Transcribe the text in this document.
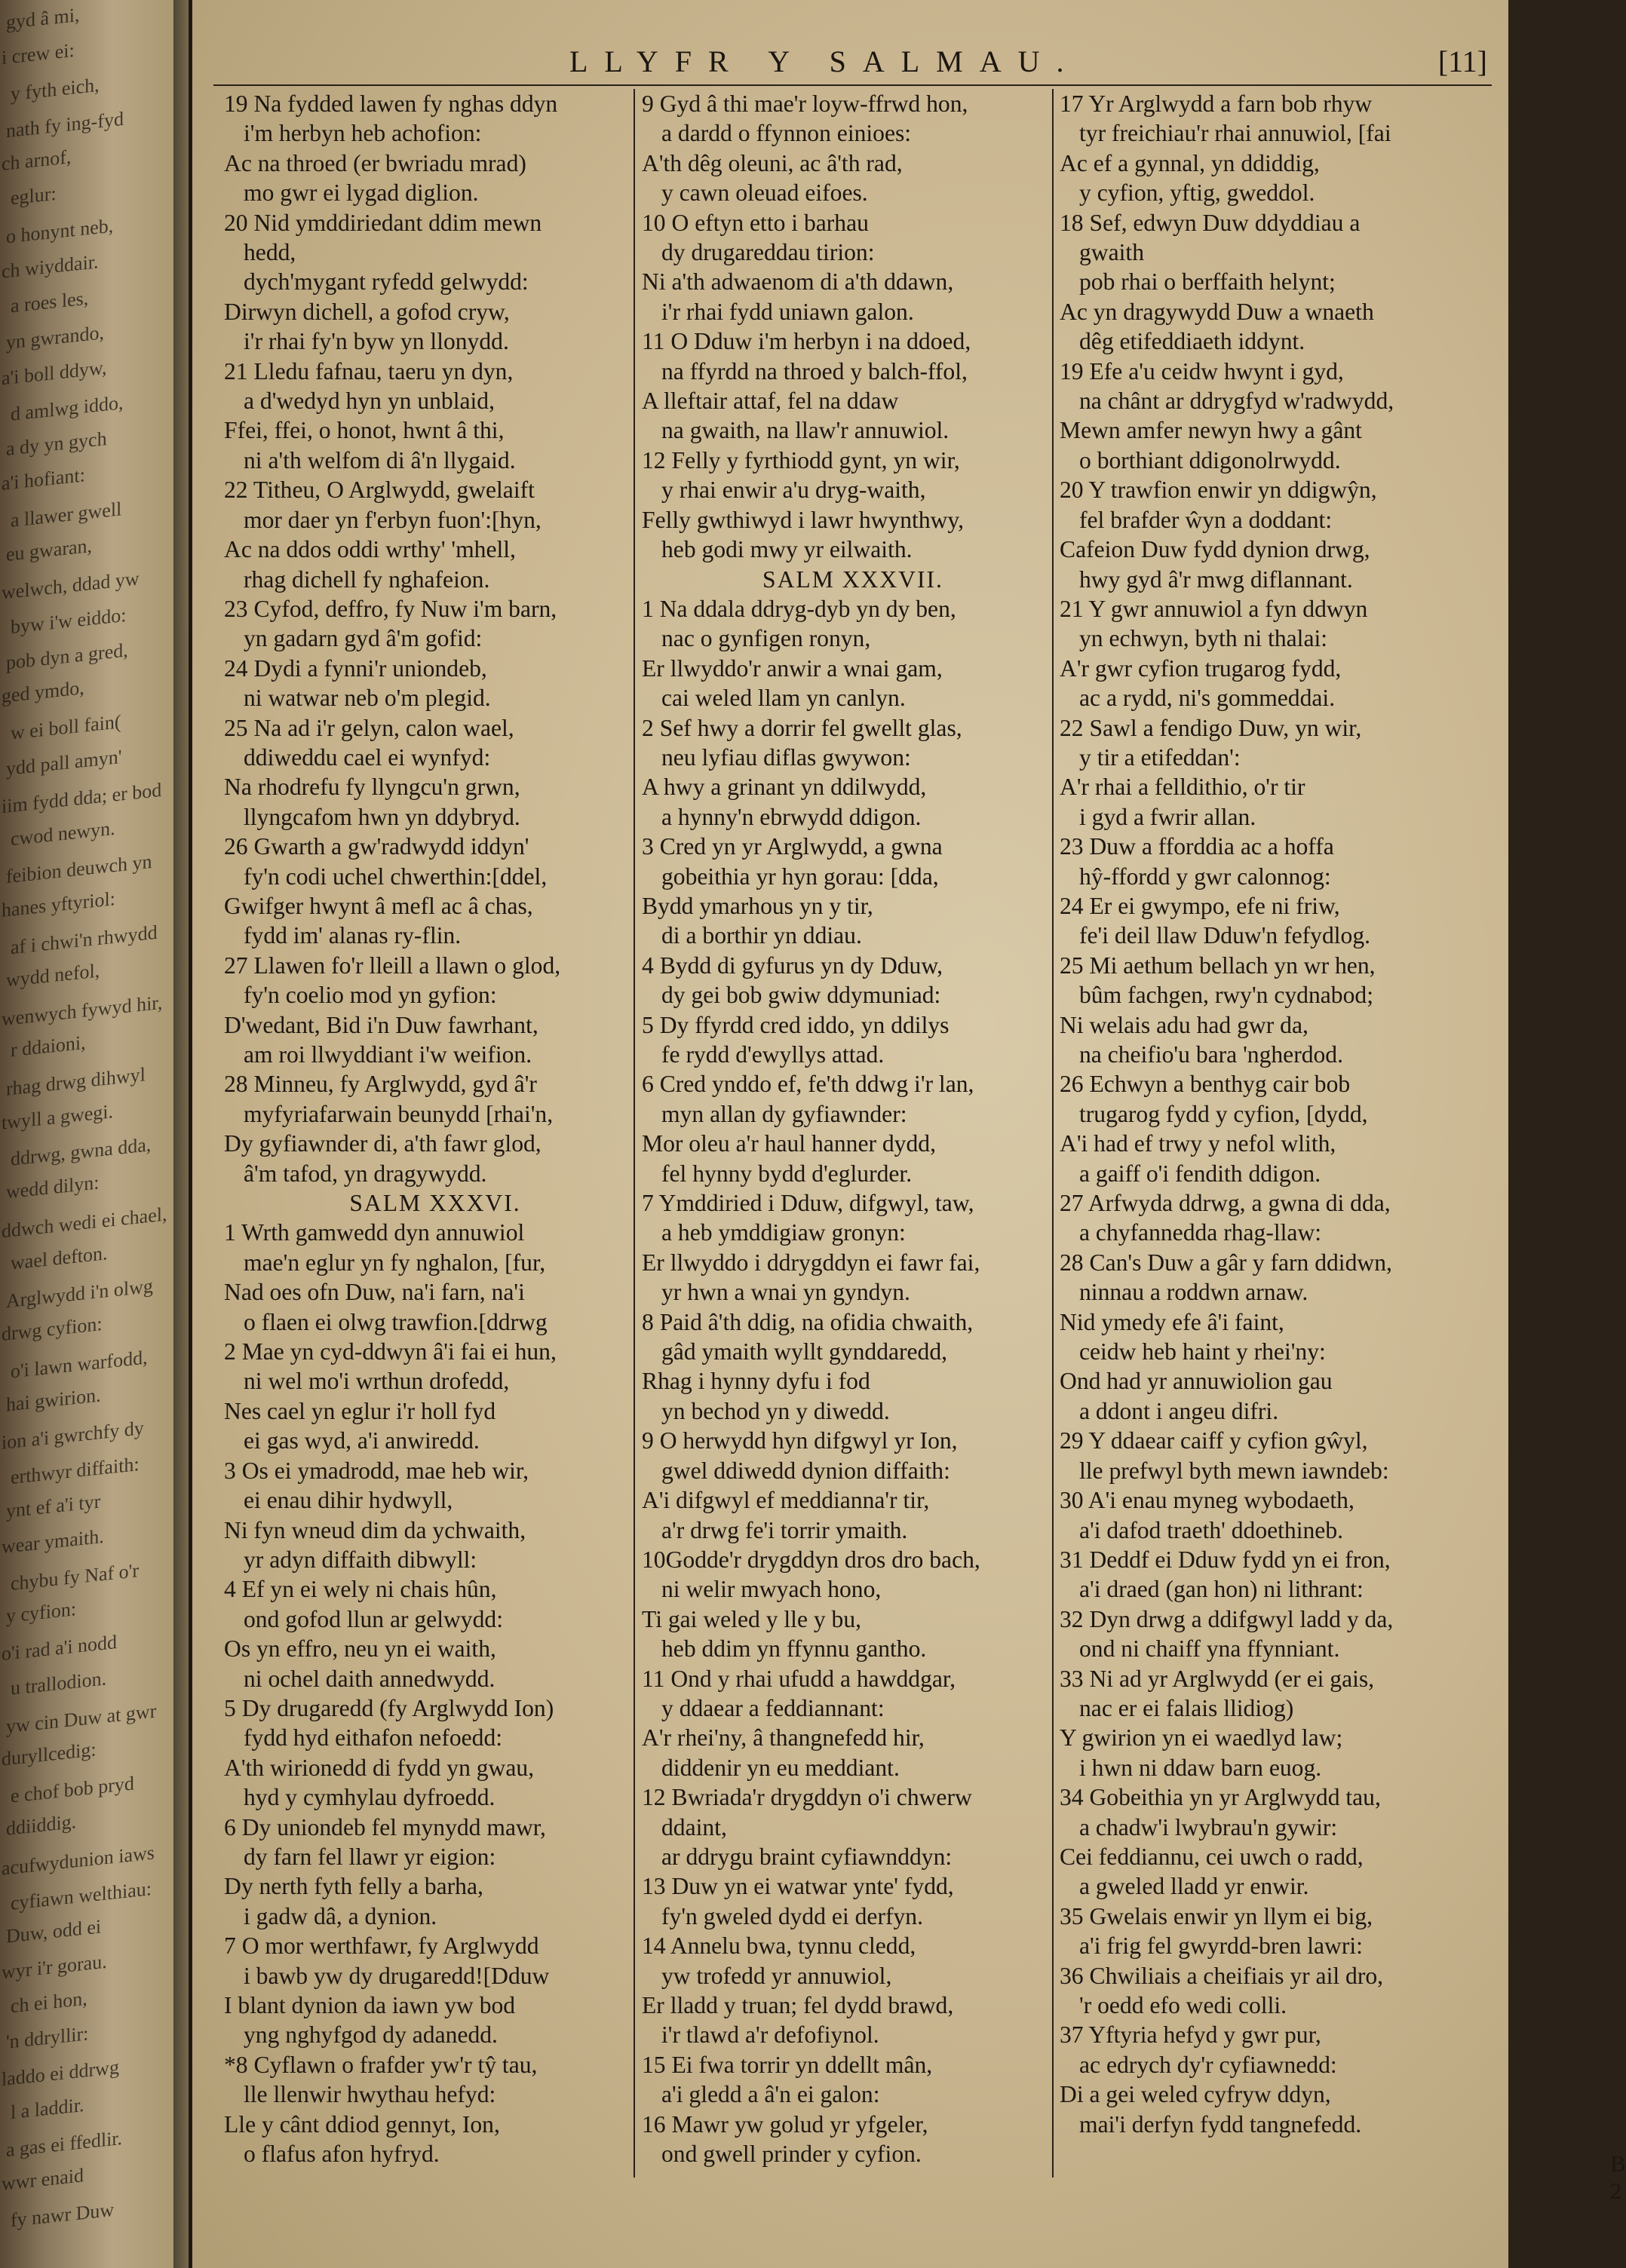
gyd â mi,
i crew ei:
y fyth eich,
nath fy ing-fyd
ch arnof,
eglur:
o honynt neb,
ch wiyddair.
a roes les,
yn gwrando,
a'i boll ddyw,
d amlwg iddo,
a dy yn gych
a'i hofiant:
a llawer gwell
eu gwaran,
welwch, ddad yw
byw i'w eiddo:
pob dyn a gred,
ged ymdo,
w ei boll fain(
ydd pall amyn'
iim fydd dda; er bod
cwod newyn.
feibion deuwch yn
hanes yftyriol:
af i chwi'n rhwydd
wydd nefol,
wenwych fywyd hir,
r ddaioni,
rhag drwg dihwyl
twyll a gwegi.
ddrwg, gwna dda,
wedd dilyn:
ddwch wedi ei chael,
wael defton.
Arglwydd i'n olwg
drwg cyfion:
o'i lawn warfodd,
hai gwirion.
ion a'i gwrchfy dy
erthwyr diffaith:
ynt ef a'i tyr
wear ymaith.
chybu fy Naf o'r
y cyfion:
o'i rad a'i nodd
u trallodion.
yw cin Duw at gwr
duryllcedig:
e chof bob pryd
ddiiddig.
acufwydunion iaws
cyfiawn welthiau:
Duw, odd ei
wyr i'r gorau.
ch ei hon,
'n ddryllir:
laddo ei ddrwg
l a laddir.
a gas ei ffedlir.
wwr enaid
fy nawr Duw
LLYFR Y SALMAU.	[11]
19 Na fydded lawen fy nghas ddyn
i'm herbyn heb achofion:
Ac na throed (er bwriadu mrad)
mo gwr ei lygad diglion.
20 Nid ymddiriedant ddim mewn
hedd,
dych'mygant ryfedd gelwydd:
Dirwyn dichell, a gofod cryw,
i'r rhai fy'n byw yn llonydd.
21 Lledu fafnau, taeru yn dyn,
a d'wedyd hyn yn unblaid,
Ffei, ffei, o honot, hwnt â thi,
ni a'th welfom di â'n llygaid.
22 Titheu, O Arglwydd, gwelaift
mor daer yn f'erbyn fuon':[hyn,
Ac na ddos oddi wrthy' 'mhell,
rhag dichell fy nghafeion.
23 Cyfod, deffro, fy Nuw i'm barn,
yn gadarn gyd â'm gofid:
24 Dydi a fynni'r uniondeb,
ni watwar neb o'm plegid.
25 Na ad i'r gelyn, calon wael,
ddiweddu cael ei wynfyd:
Na rhodrefu fy llyngcu'n grwn,
llyngcafom hwn yn ddybryd.
26 Gwarth a gw'radwydd iddyn'
fy'n codi uchel chwerthin:[ddel,
Gwifger hwynt â mefl ac â chas,
fydd im' alanas ry-flin.
27 Llawen fo'r lleill a llawn o glod,
fy'n coelio mod yn gyfion:
D'wedant, Bid i'n Duw fawrhant,
am roi llwyddiant i'w weifion.
28 Minneu, fy Arglwydd, gyd â'r
myfyriafarwain beunydd [rhai'n,
Dy gyfiawnder di, a'th fawr glod,
â'm tafod, yn dragywydd.
SALM XXXVI.
1 Wrth gamwedd dyn annuwiol
mae'n eglur yn fy nghalon, [fur,
Nad oes ofn Duw, na'i farn, na'i
o flaen ei olwg trawfion.[ddrwg
2 Mae yn cyd-ddwyn â'i fai ei hun,
ni wel mo'i wrthun drofedd,
Nes cael yn eglur i'r holl fyd
ei gas wyd, a'i anwiredd.
3 Os ei ymadrodd, mae heb wir,
ei enau dihir hydwyll,
Ni fyn wneud dim da ychwaith,
yr adyn diffaith dibwyll:
4 Ef yn ei wely ni chais hûn,
ond gofod llun ar gelwydd:
Os yn effro, neu yn ei waith,
ni ochel daith annedwydd.
5 Dy drugaredd (fy Arglwydd Ion)
fydd hyd eithafon nefoedd:
A'th wirionedd di fydd yn gwau,
hyd y cymhylau dyfroedd.
6 Dy uniondeb fel mynydd mawr,
dy farn fel llawr yr eigion:
Dy nerth fyth felly a barha,
i gadw dâ, a dynion.
7 O mor werthfawr, fy Arglwydd
i bawb yw dy drugaredd![Dduw
I blant dynion da iawn yw bod
yng nghyfgod dy adanedd.
*8 Cyflawn o frafder yw'r tŷ tau,
lle llenwir hwythau hefyd:
Lle y cânt ddiod gennyt, Ion,
o flafus afon hyfryd.
9 Gyd â thi mae'r loyw-ffrwd hon,
a dardd o ffynnon einioes:
A'th dêg oleuni, ac â'th rad,
y cawn oleuad eifoes.
10 O eftyn etto i barhau
dy drugareddau tirion:
Ni a'th adwaenom di a'th ddawn,
i'r rhai fydd uniawn galon.
11 O Dduw i'm herbyn i na ddoed,
na ffyrdd na throed y balch-ffol,
A lleftair attaf, fel na ddaw
na gwaith, na llaw'r annuwiol.
12 Felly y fyrthiodd gynt, yn wir,
y rhai enwir a'u dryg-waith,
Felly gwthiwyd i lawr hwynthwy,
heb godi mwy yr eilwaith.
SALM XXXVII.
1 Na ddala ddryg-dyb yn dy ben,
nac o gynfigen ronyn,
Er llwyddo'r anwir a wnai gam,
cai weled llam yn canlyn.
2 Sef hwy a dorrir fel gwellt glas,
neu lyfiau diflas gwywon:
A hwy a grinant yn ddilwydd,
a hynny'n ebrwydd ddigon.
3 Cred yn yr Arglwydd, a gwna
gobeithia yr hyn gorau: [dda,
Bydd ymarhous yn y tir,
di a borthir yn ddiau.
4 Bydd di gyfurus yn dy Dduw,
dy gei bob gwiw ddymuniad:
5 Dy ffyrdd cred iddo, yn ddilys
fe rydd d'ewyllys attad.
6 Cred ynddo ef, fe'th ddwg i'r lan,
myn allan dy gyfiawnder:
Mor oleu a'r haul hanner dydd,
fel hynny bydd d'eglurder.
7 Ymddiried i Dduw, difgwyl, taw,
a heb ymddigiaw gronyn:
Er llwyddo i ddrygddyn ei fawr fai,
yr hwn a wnai yn gyndyn.
8 Paid â'th ddig, na ofidia chwaith,
gâd ymaith wyllt gynddaredd,
Rhag i hynny dyfu i fod
yn bechod yn y diwedd.
9 O herwydd hyn difgwyl yr Ion,
gwel ddiwedd dynion diffaith:
A'i difgwyl ef meddianna'r tir,
a'r drwg fe'i torrir ymaith.
10Godde'r drygddyn dros dro bach,
ni welir mwyach hono,
Ti gai weled y lle y bu,
heb ddim yn ffynnu gantho.
11 Ond y rhai ufudd a hawddgar,
y ddaear a feddiannant:
A'r rhei'ny, â thangnefedd hir,
diddenir yn eu meddiant.
12 Bwriada'r drygddyn o'i chwerw
ddaint,
ar ddrygu braint cyfiawnddyn:
13 Duw yn ei watwar ynte' fydd,
fy'n gweled dydd ei derfyn.
14 Annelu bwa, tynnu cledd,
yw trofedd yr annuwiol,
Er lladd y truan; fel dydd brawd,
i'r tlawd a'r defofiynol.
15 Ei fwa torrir yn ddellt mân,
a'i gledd a â'n ei galon:
16 Mawr yw golud yr yfgeler,
ond gwell prinder y cyfion.
17 Yr Arglwydd a farn bob rhyw
tyr freichiau'r rhai annuwiol, [fai
Ac ef a gynnal, yn ddiddig,
y cyfion, yftig, gweddol.
18 Sef, edwyn Duw ddyddiau a
gwaith
pob rhai o berffaith helynt;
Ac yn dragywydd Duw a wnaeth
dêg etifeddiaeth iddynt.
19 Efe a'u ceidw hwynt i gyd,
na chânt ar ddrygfyd w'radwydd,
Mewn amfer newyn hwy a gânt
o borthiant ddigonolrwydd.
20 Y trawfion enwir yn ddigwŷn,
fel brafder ŵyn a doddant:
Cafeion Duw fydd dynion drwg,
hwy gyd â'r mwg diflannant.
21 Y gwr annuwiol a fyn ddwyn
yn echwyn, byth ni thalai:
A'r gwr cyfion trugarog fydd,
ac a rydd, ni's gommeddai.
22 Sawl a fendigo Duw, yn wir,
y tir a etifeddan':
A'r rhai a felldithio, o'r tir
i gyd a fwrir allan.
23 Duw a fforddia ac a hoffa
hŷ-ffordd y gwr calonnog:
24 Er ei gwympo, efe ni friw,
fe'i deil llaw Dduw'n fefydlog.
25 Mi aethum bellach yn wr hen,
bûm fachgen, rwy'n cydnabod;
Ni welais adu had gwr da,
na cheifio'u bara 'ngherdod.
26 Echwyn a benthyg cair bob
trugarog fydd y cyfion, [dydd,
A'i had ef trwy y nefol wlith,
a gaiff o'i fendith ddigon.
27 Arfwyda ddrwg, a gwna di dda,
a chyfannedda rhag-llaw:
28 Can's Duw a gâr y farn ddidwn,
ninnau a roddwn arnaw.
Nid ymedy efe â'i faint,
ceidw heb haint y rhei'ny:
Ond had yr annuwiolion gau
a ddont i angeu difri.
29 Y ddaear caiff y cyfion gŵyl,
lle prefwyl byth mewn iawndeb:
30 A'i enau myneg wybodaeth,
a'i dafod traeth' ddoethineb.
31 Deddf ei Dduw fydd yn ei fron,
a'i draed (gan hon) ni lithrant:
32 Dyn drwg a ddifgwyl ladd y da,
ond ni chaiff yna ffynniant.
33 Ni ad yr Arglwydd (er ei gais,
nac er ei falais llidiog)
Y gwirion yn ei waedlyd law;
i hwn ni ddaw barn euog.
34 Gobeithia yn yr Arglwydd tau,
a chadw'i lwybrau'n gywir:
Cei feddiannu, cei uwch o radd,
a gweled lladd yr enwir.
35 Gwelais enwir yn llym ei big,
a'i frig fel gwyrdd-bren lawri:
36 Chwiliais a cheifiais yr ail dro,
'r oedd efo wedi colli.
37 Yftyria hefyd y gwr pur,
ac edrych dy'r cyfiawnedd:
Di a gei weled cyfryw ddyn,
mai'i derfyn fydd tangnefedd.
B 2
